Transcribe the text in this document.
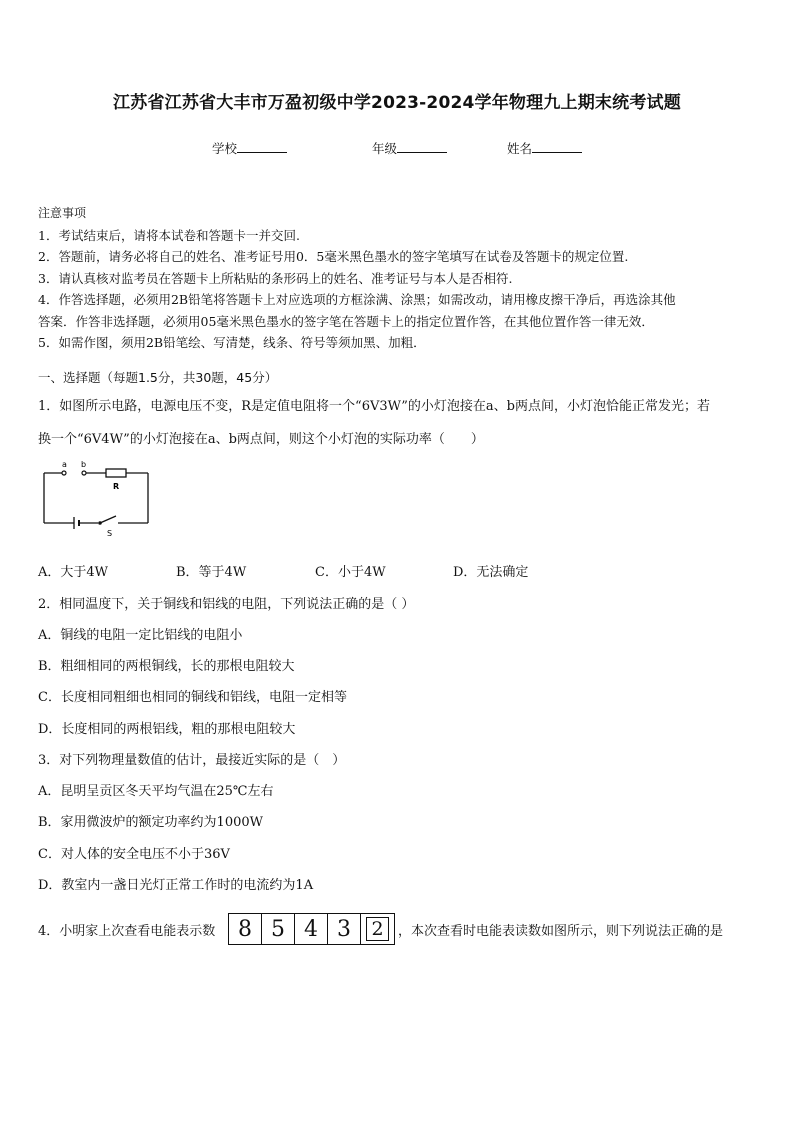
江苏省江苏省大丰市万盈初级中学2023-2024学年物理九上期末统考试题
学校	年级	姓名
注意事项
1．考试结束后，请将本试卷和答题卡一并交回.
2．答题前，请务必将自己的姓名、准考证号用0．5毫米黑色墨水的签字笔填写在试卷及答题卡的规定位置.
3．请认真核对监考员在答题卡上所粘贴的条形码上的姓名、准考证号与本人是否相符.
4．作答选择题，必须用2B铅笔将答题卡上对应选项的方框涂满、涂黑；如需改动，请用橡皮擦干净后，再选涂其他
答案．作答非选择题，必须用05毫米黑色墨水的签字笔在答题卡上的指定位置作答，在其他位置作答一律无效．
5．如需作图，须用2B铅笔绘、写清楚，线条、符号等须加黑、加粗．
一、选择题（每题1.5分，共30题，45分）
1．如图所示电路，电源电压不变，R是定值电阻将一个“6V3W”的小灯泡接在a、b两点间，小灯泡恰能正常发光；若
换一个“6V4W”的小灯泡接在a、b两点间，则这个小灯泡的实际功率（　　）
a b
R
S
A．大于4W	B．等于4W	C．小于4W	D．无法确定
2．相同温度下，关于铜线和铝线的电阻，下列说法正确的是（ ）
A．铜线的电阻一定比铝线的电阻小
B．粗细相同的两根铜线，长的那根电阻较大
C．长度相同粗细也相同的铜线和铝线，电阻一定相等
D．长度相同的两根铝线，粗的那根电阻较大
3．对下列物理量数值的估计，最接近实际的是（　）
A．昆明呈贡区冬天平均气温在25℃左右
B．家用微波炉的额定功率约为1000W
C．对人体的安全电压不小于36V
D．教室内一盏日光灯正常工作时的电流约为1A
4．小明家上次查看电能表示数	8 5 4 3	2	，本次查看时电能表读数如图所示，则下列说法正确的是
